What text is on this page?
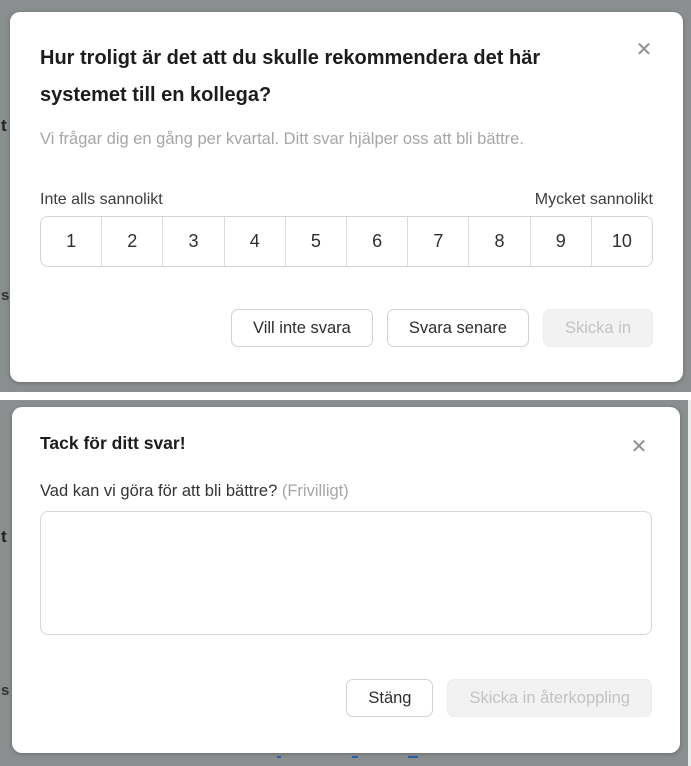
t
s
✕
Hur troligt är det att du skulle rekommendera det här systemet till en kollega?
Vi frågar dig en gång per kvartal. Ditt svar hjälper oss att bli bättre.
Inte alls sannolikt	Mycket sannolikt
1	2	3	4	5	6	7	8	9	10
Vill inte svara	Svara senare	Skicka in
t
s
✕
Tack för ditt svar!
Vad kan vi göra för att bli bättre? (Frivilligt)
Stäng	Skicka in återkoppling
